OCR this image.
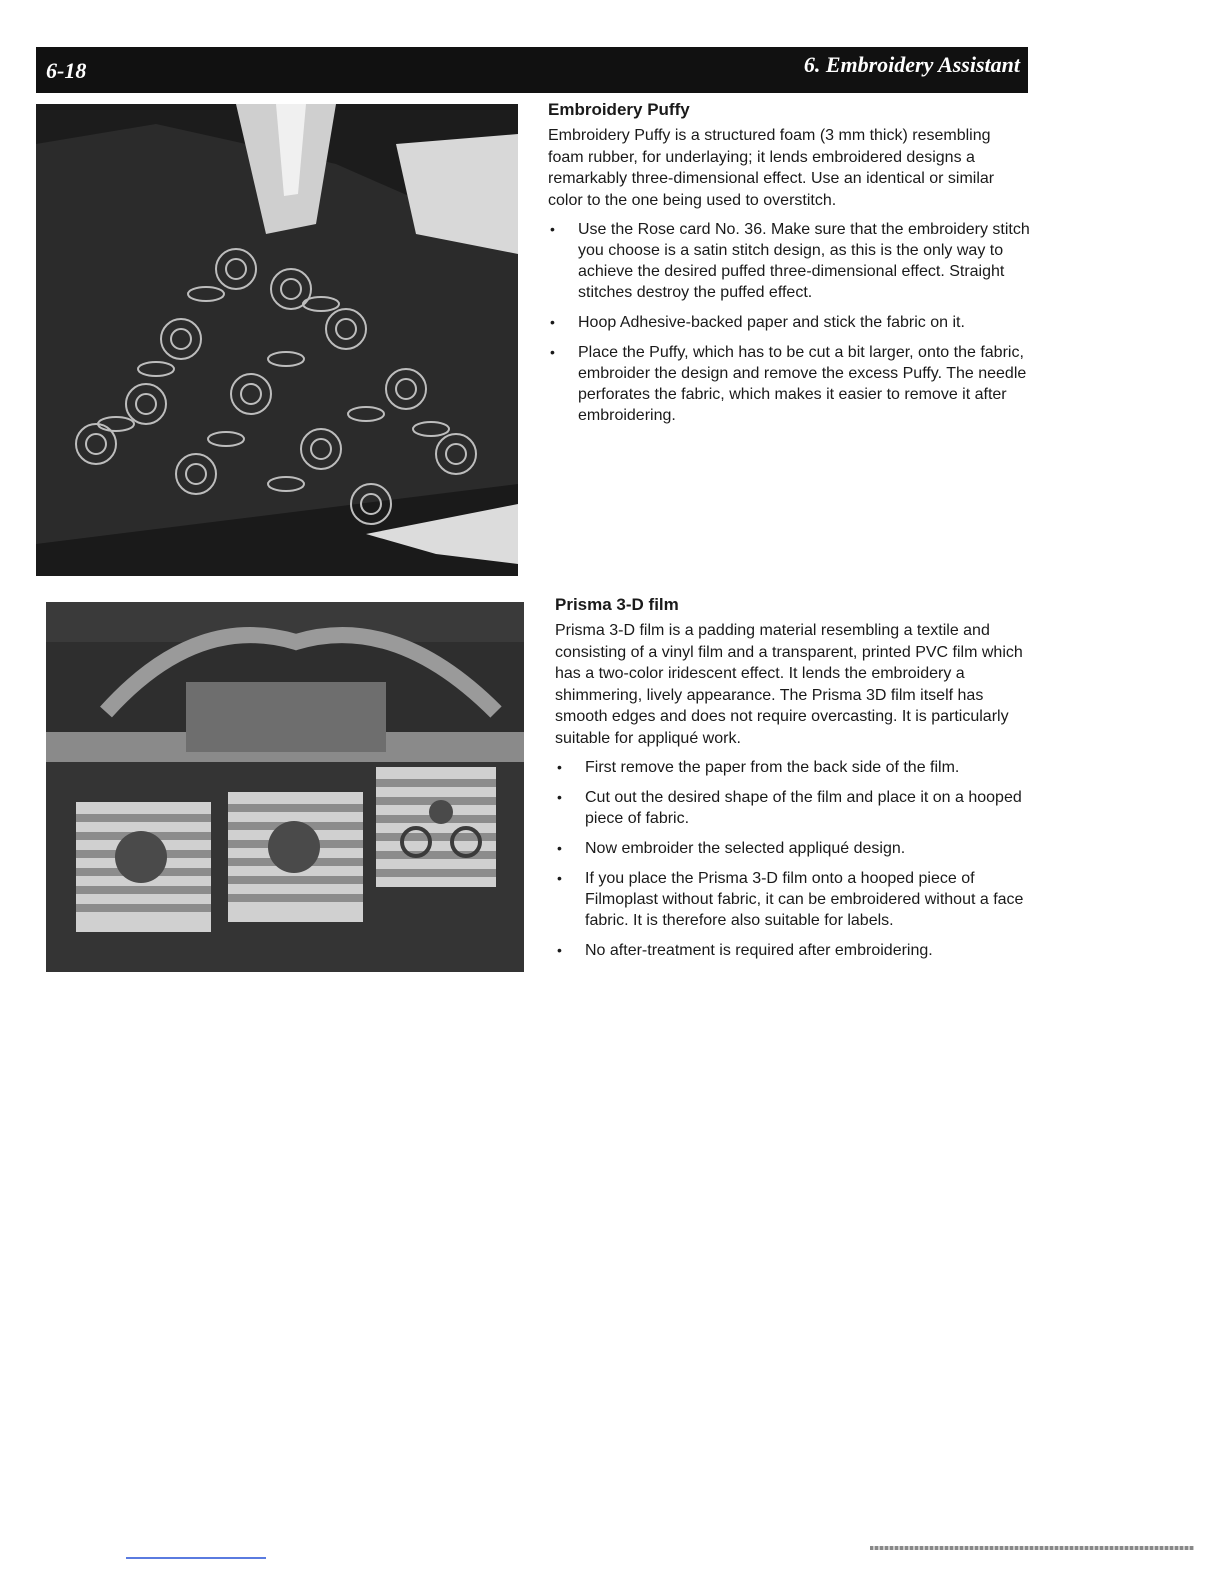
6-18	6. Embroidery Assistant
Embroidery Puffy

Embroidery Puffy is a structured foam (3 mm thick) resembling foam rubber, for underlaying; it lends embroidered designs a remarkably three-dimensional effect. Use an identical or similar color to the one being used to overstitch.

• Use the Rose card No. 36. Make sure that the embroidery stitch you choose is a satin stitch design, as this is the only way to achieve the desired puffed three-dimensional effect. Straight stitches destroy the puffed effect.
• Hoop Adhesive-backed paper and stick the fabric on it.
• Place the Puffy, which has to be cut a bit larger, onto the fabric, embroider the design and remove the excess Puffy. The needle perforates the fabric, which makes it easier to remove it after embroidering.
Prisma 3-D film

Prisma 3-D film is a padding material resembling a textile and consisting of a vinyl film and a transparent, printed PVC film which has a two-color iridescent effect. It lends the embroidery a shimmering, lively appearance. The Prisma 3D film itself has smooth edges and does not require overcasting. It is particularly suitable for appliqué work.

• First remove the paper from the back side of the film.
• Cut out the desired shape of the film and place it on a hooped piece of fabric.
• Now embroider the selected appliqué design.
• If you place the Prisma 3-D film onto a hooped piece of Filmoplast without fabric, it can be embroidered without a face fabric. It is therefore also suitable for labels.
• No after-treatment is required after embroidering.
